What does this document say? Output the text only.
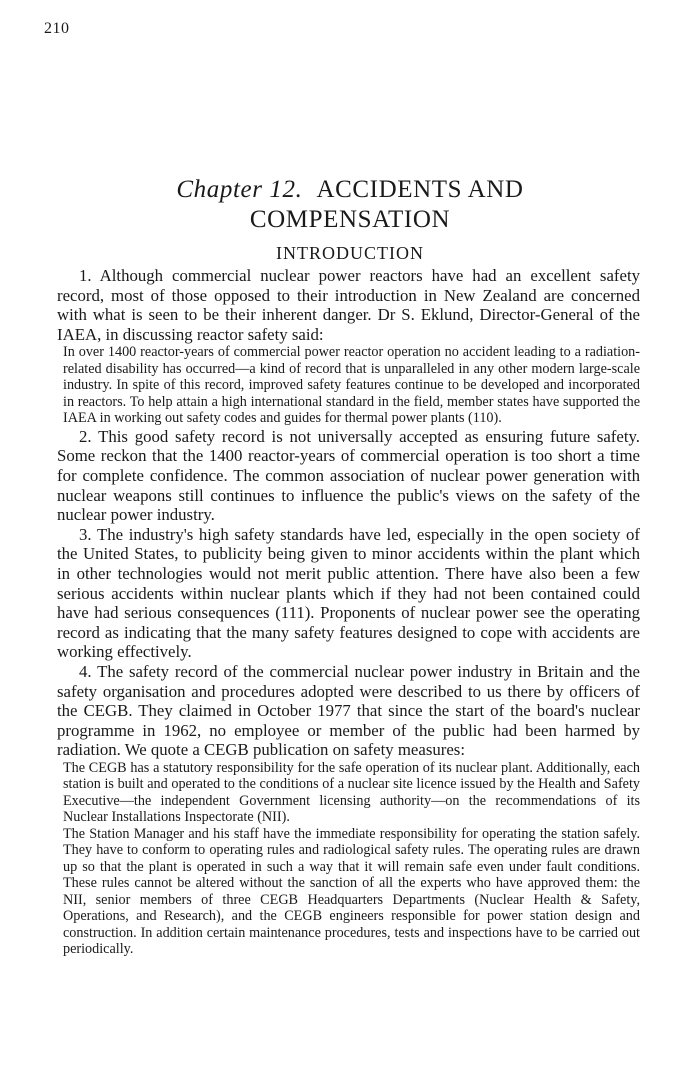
210
Chapter 12. ACCIDENTS AND
COMPENSATION
INTRODUCTION

1. Although commercial nuclear power reactors have had an excellent safety record, most of those opposed to their introduction in New Zealand are concerned with what is seen to be their inherent danger. Dr S. Eklund, Director-General of the IAEA, in discussing reactor safety said:

In over 1400 reactor-years of commercial power reactor operation no accident leading to a radiation-related disability has occurred—a kind of record that is unparalleled in any other modern large-scale industry. In spite of this record, improved safety features continue to be developed and incorporated in reactors. To help attain a high international standard in the field, member states have supported the IAEA in working out safety codes and guides for thermal power plants (110).

2. This good safety record is not universally accepted as ensuring future safety. Some reckon that the 1400 reactor-years of commercial operation is too short a time for complete confidence. The common association of nuclear power generation with nuclear weapons still continues to influence the public's views on the safety of the nuclear power industry.

3. The industry's high safety standards have led, especially in the open society of the United States, to publicity being given to minor accidents within the plant which in other technologies would not merit public attention. There have also been a few serious accidents within nuclear plants which if they had not been contained could have had serious consequences (111). Proponents of nuclear power see the operating record as indicating that the many safety features designed to cope with accidents are working effectively.

4. The safety record of the commercial nuclear power industry in Britain and the safety organisation and procedures adopted were described to us there by officers of the CEGB. They claimed in October 1977 that since the start of the board's nuclear programme in 1962, no employee or member of the public had been harmed by radiation. We quote a CEGB publication on safety measures:

The CEGB has a statutory responsibility for the safe operation of its nuclear plant. Additionally, each station is built and operated to the conditions of a nuclear site licence issued by the Health and Safety Executive—the independent Government licensing authority—on the recommendations of its Nuclear Installations Inspectorate (NII).

The Station Manager and his staff have the immediate responsibility for operating the station safely. They have to conform to operating rules and radiological safety rules. The operating rules are drawn up so that the plant is operated in such a way that it will remain safe even under fault conditions. These rules cannot be altered without the sanction of all the experts who have approved them: the NII, senior members of three CEGB Headquarters Departments (Nuclear Health & Safety, Operations, and Research), and the CEGB engineers responsible for power station design and construction. In addition certain maintenance procedures, tests and inspections have to be carried out periodically.
